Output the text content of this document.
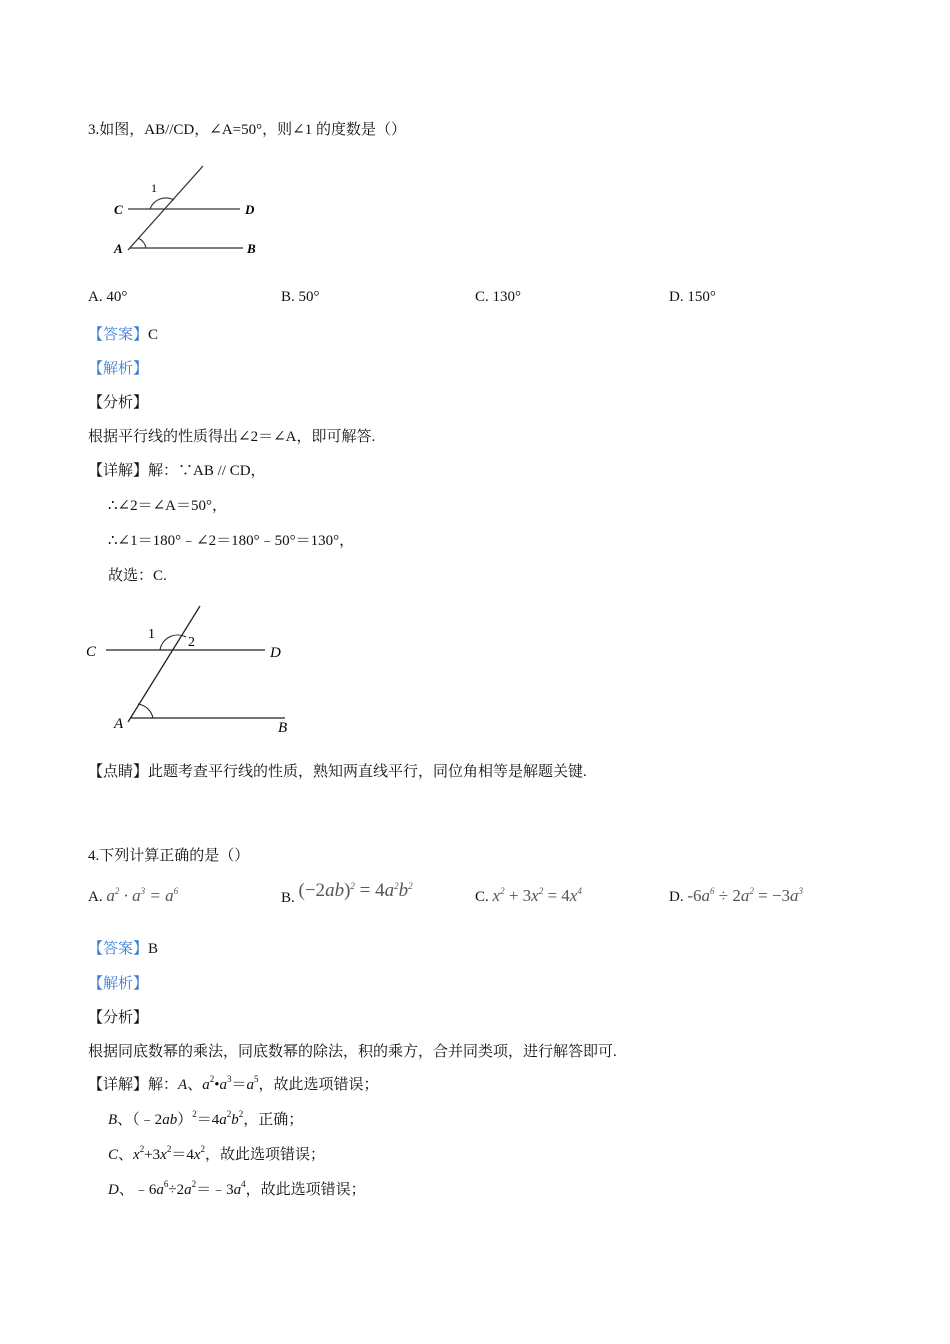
3.如图，AB//CD，∠A=50°，则∠1 的度数是（）
C	D
A	B
1
A. 40°	B. 50°	C. 130°	D. 150°
【答案】C
【解析】
【分析】
根据平行线的性质得出∠2＝∠A，即可解答.
【详解】解：∵AB // CD，
∴∠2＝∠A＝50°，
∴∠1＝180°﹣∠2＝180°﹣50°＝130°，
故选：C.
C	D
A	B
1
2
【点睛】此题考查平行线的性质，熟知两直线平行，同位角相等是解题关键.
4.下列计算正确的是（）
A. $a^2 \cdot a^3 = a^6$	B. $(-2ab)^2 = 4a^2b^2$
C. $x^2 + 3x^2 = 4x^4$	D. $-6a^6 \div 2a^2 = -3a^3$
【答案】B
【解析】
【分析】
根据同底数幂的乘法，同底数幂的除法，积的乘方，合并同类项，进行解答即可.
【详解】解：A、$a^2•a^3=a^5$，故此选项错误；
B、$(﹣2ab)^2=4a^2b^2$，正确；
C、$x^2+3x^2=4x^2$，故此选项错误；
D、$﹣6a^6\div 2a^2=﹣3a^4$，故此选项错误；
